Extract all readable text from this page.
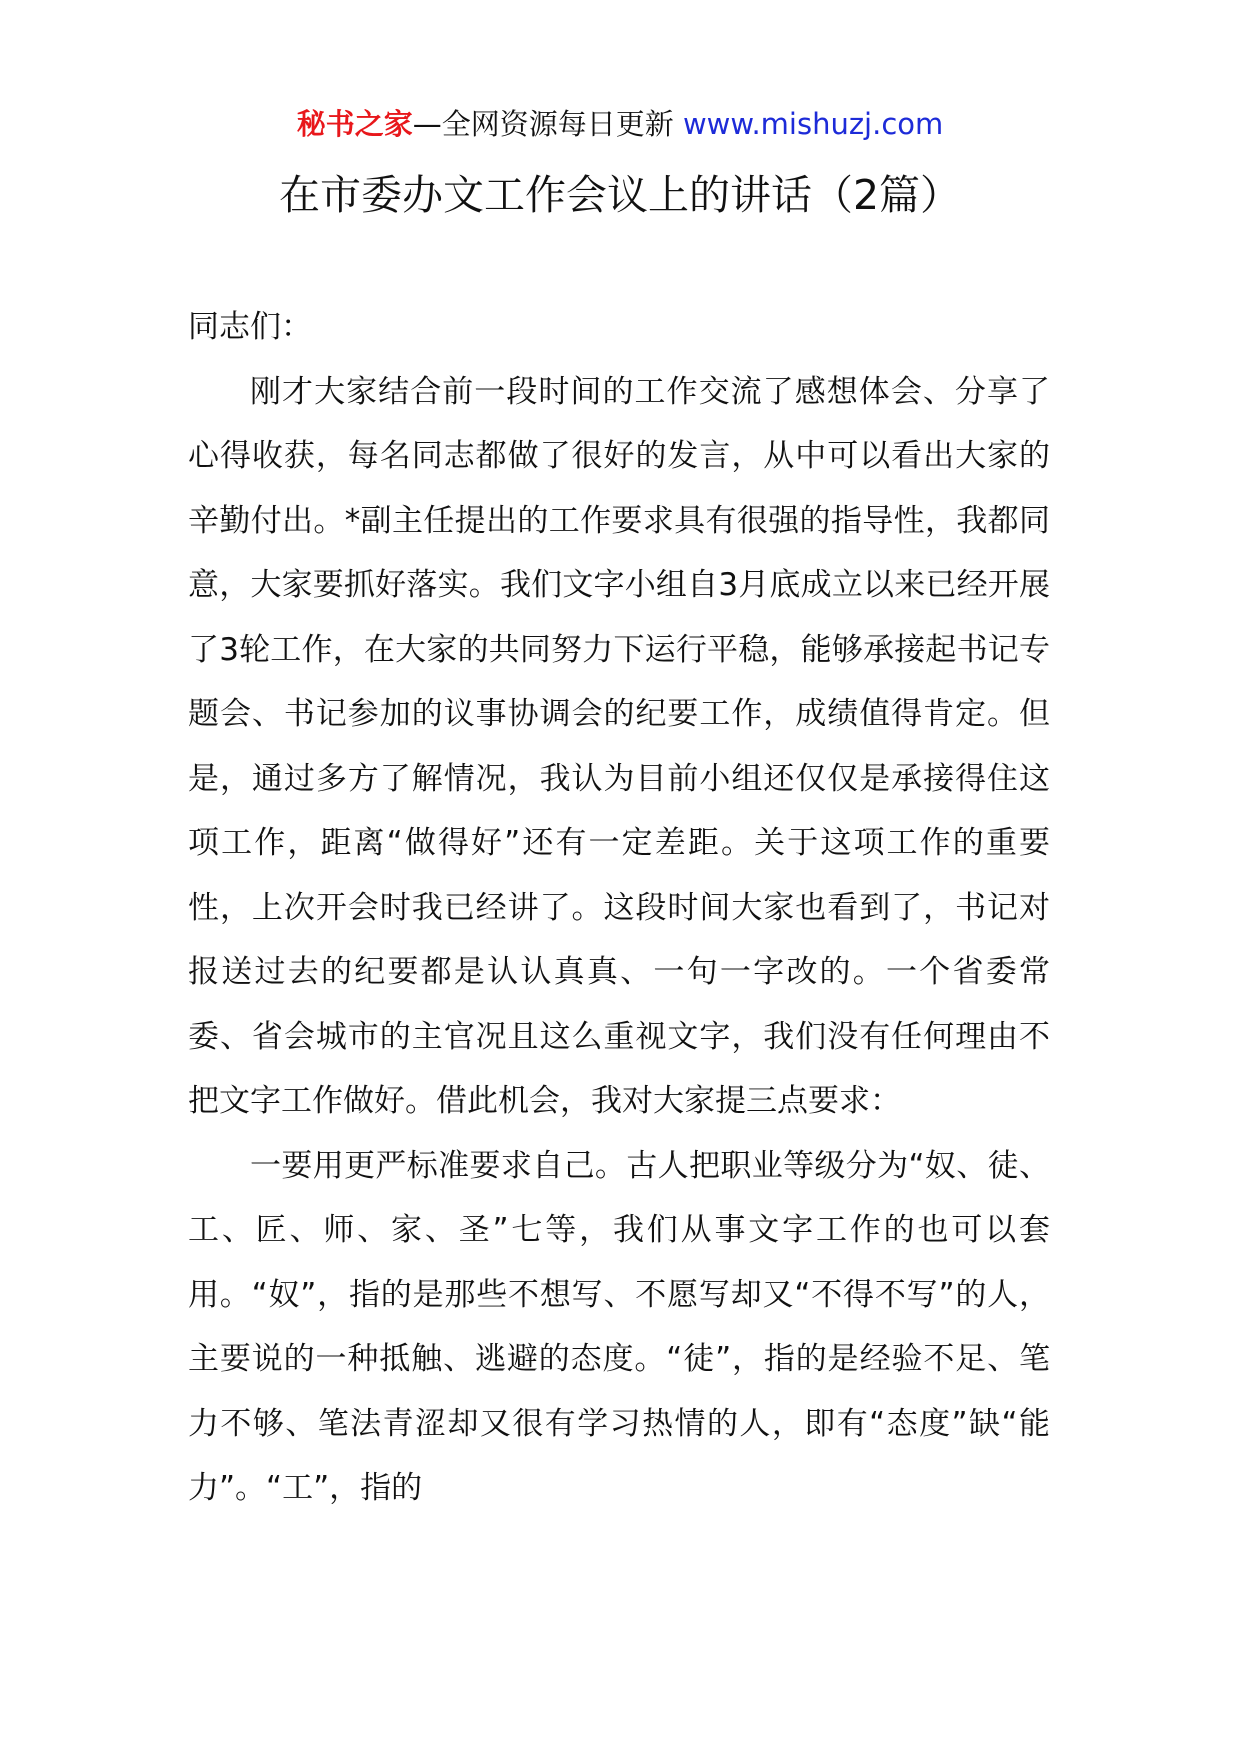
秘书之家—全网资源每日更新 www.mishuzj.com
在市委办文工作会议上的讲话（2篇）

同志们：

刚才大家结合前一段时间的工作交流了感想体会、分享了心得收获，每名同志都做了很好的发言，从中可以看出大家的辛勤付出。*副主任提出的工作要求具有很强的指导性，我都同意，大家要抓好落实。我们文字小组自3月底成立以来已经开展了3轮工作，在大家的共同努力下运行平稳，能够承接起书记专题会、书记参加的议事协调会的纪要工作，成绩值得肯定。但是，通过多方了解情况，我认为目前小组还仅仅是承接得住这项工作，距离“做得好”还有一定差距。关于这项工作的重要性，上次开会时我已经讲了。这段时间大家也看到了，书记对报送过去的纪要都是认认真真、一句一字改的。一个省委常委、省会城市的主官况且这么重视文字，我们没有任何理由不把文字工作做好。借此机会，我对大家提三点要求：

一要用更严标准要求自己。古人把职业等级分为“奴、徒、工、匠、师、家、圣”七等，我们从事文字工作的也可以套用。“奴”，指的是那些不想写、不愿写却又“不得不写”的人，主要说的一种抵触、逃避的态度。“徒”，指的是经验不足、笔力不够、笔法青涩却又很有学习热情的人，即有“态度”缺“能力”。“工”，指的
